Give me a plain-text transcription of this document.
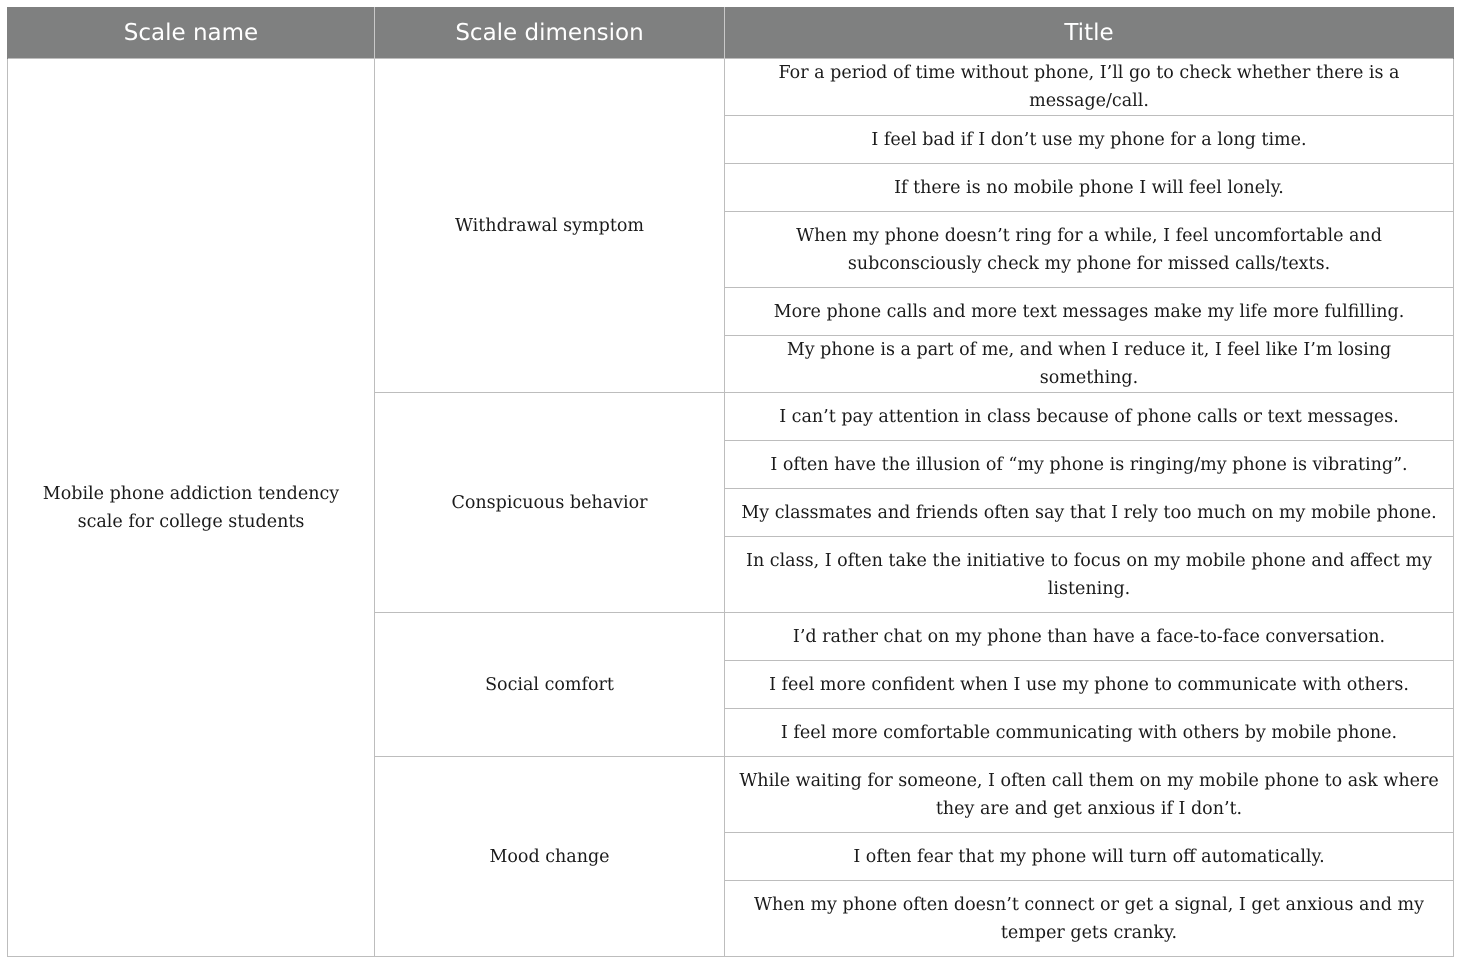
Scale name	Scale dimension	Title
Mobile phone addiction tendency scale for college students	Withdrawal symptom	For a period of time without phone, I’ll go to check whether there is a message/call.
		I feel bad if I don’t use my phone for a long time.
		If there is no mobile phone I will feel lonely.
		When my phone doesn’t ring for a while, I feel uncomfortable and subconsciously check my phone for missed calls/texts.
		More phone calls and more text messages make my life more fulfilling.
		My phone is a part of me, and when I reduce it, I feel like I’m losing something.
	Conspicuous behavior	I can’t pay attention in class because of phone calls or text messages.
		I often have the illusion of “my phone is ringing/my phone is vibrating”.
		My classmates and friends often say that I rely too much on my mobile phone.
		In class, I often take the initiative to focus on my mobile phone and affect my listening.
	Social comfort	I’d rather chat on my phone than have a face-to-face conversation.
		I feel more confident when I use my phone to communicate with others.
		I feel more comfortable communicating with others by mobile phone.
	Mood change	While waiting for someone, I often call them on my mobile phone to ask where they are and get anxious if I don’t.
		I often fear that my phone will turn off automatically.
		When my phone often doesn’t connect or get a signal, I get anxious and my temper gets cranky.
